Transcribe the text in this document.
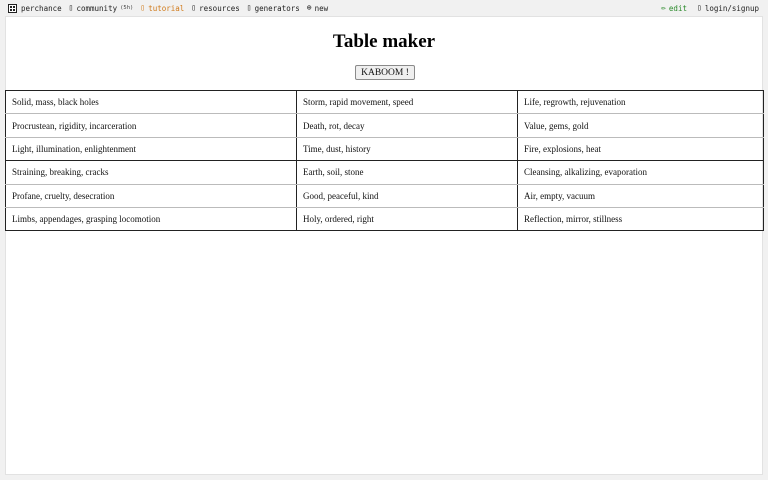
perchance ▯ community (5h) ▯ tutorial ▯ resources ▯ generators ⊕ new	✏ edit ▯ login/signup
Table maker
KABOOM !
Solid, mass, black holes	Storm, rapid movement, speed	Life, regrowth, rejuvenation
Procrustean, rigidity, incarceration	Death, rot, decay	Value, gems, gold
Light, illumination, enlightenment	Time, dust, history	Fire, explosions, heat
Straining, breaking, cracks	Earth, soil, stone	Cleansing, alkalizing, evaporation
Profane, cruelty, desecration	Good, peaceful, kind	Air, empty, vacuum
Limbs, appendages, grasping locomotion	Holy, ordered, right	Reflection, mirror, stillness
